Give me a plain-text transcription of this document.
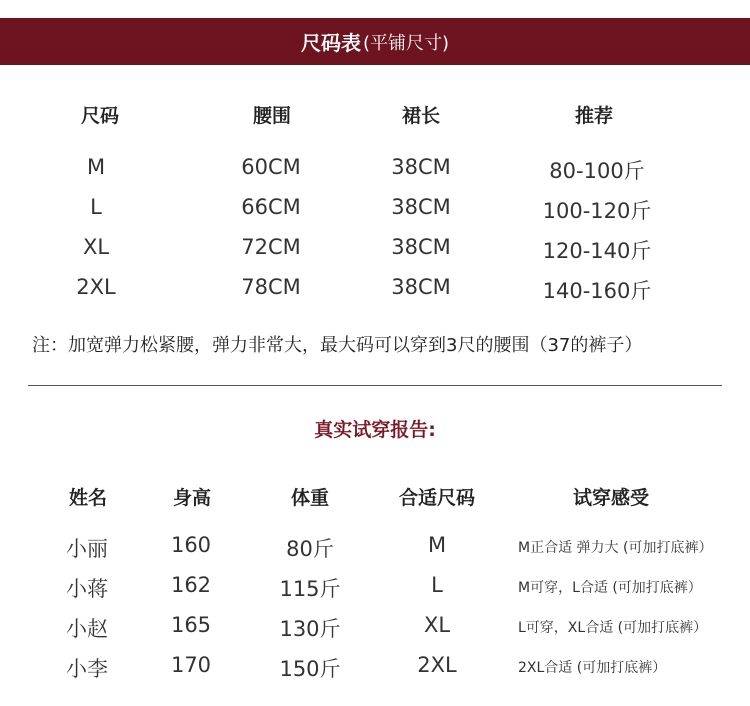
尺码表 (平铺尺寸)
尺码	腰围	裙长	推荐
M	60CM	38CM	80-100斤
L	66CM	38CM	100-120斤
XL	72CM	38CM	120-140斤
2XL	78CM	38CM	140-160斤
注：加宽弹力松紧腰，弹力非常大，最大码可以穿到3尺的腰围（37的裤子）
真实试穿报告:
姓名	身高	体重	合适尺码	试穿感受
小丽	160	80斤	M	M正合适 弹力大 (可加打底裤）
小蒋	162	115斤	L	M可穿，L合适 (可加打底裤）
小赵	165	130斤	XL	L可穿，XL合适 (可加打底裤）
小李	170	150斤	2XL	2XL合适 (可加打底裤）
